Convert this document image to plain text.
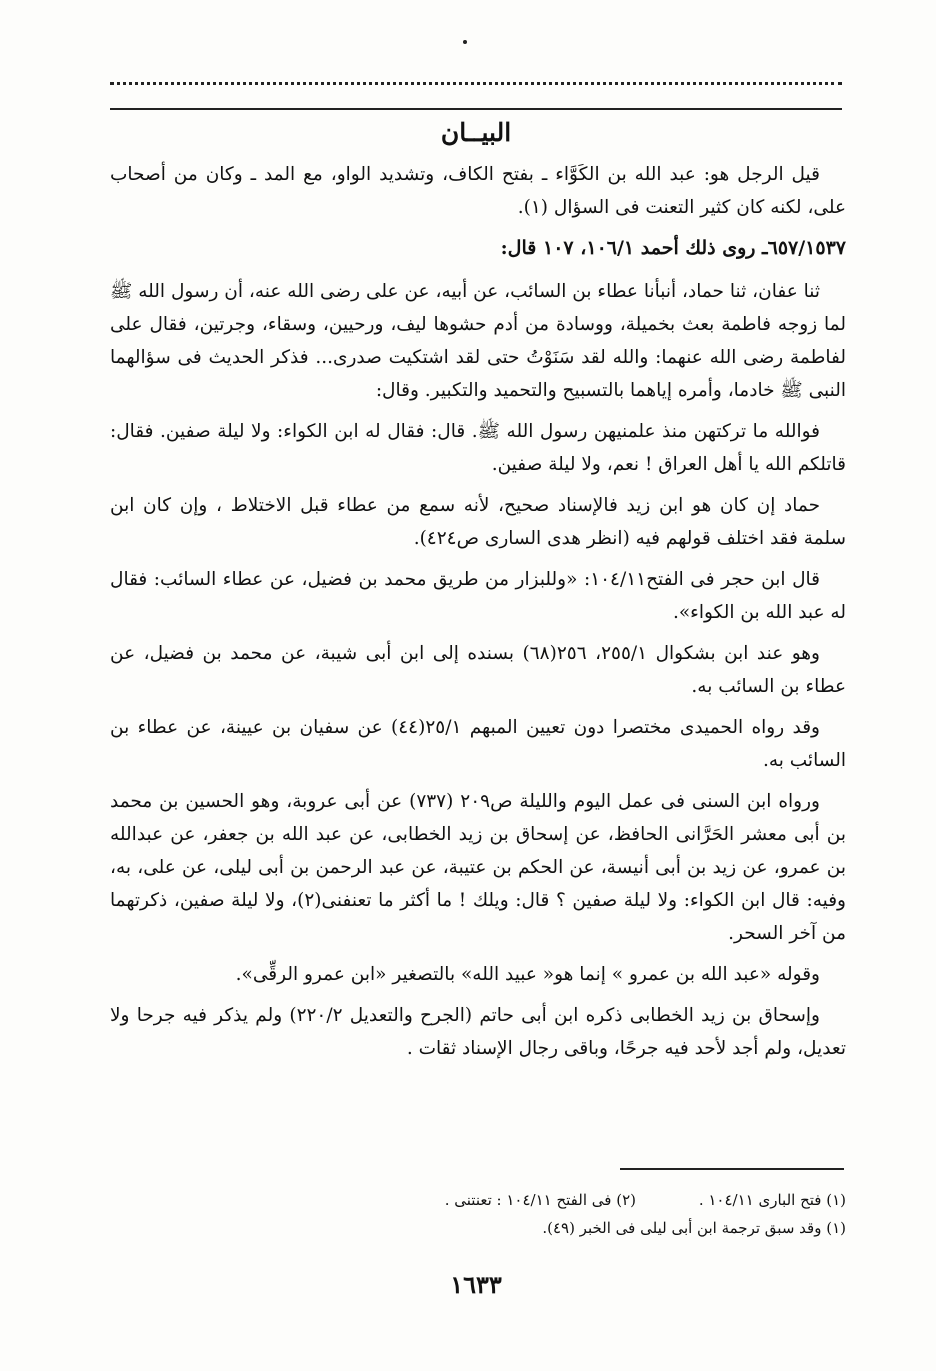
البيــان

قيل الرجل هو: عبد الله بن الكَوَّاء ـ بفتح الكاف، وتشديد الواو، مع المد ـ وكان من أصحاب على، لكنه كان كثير التعنت فى السؤال (١).

٦٥٧/١٥٣٧ـ روى ذلك أحمد ١٠٦/١، ١٠٧ قال:

ثنا عفان، ثنا حماد، أنبأنا عطاء بن السائب، عن أبيه، عن على رضى الله عنه، أن رسول الله ﷺ لما زوجه فاطمة بعث بخميلة، ووسادة من أدم حشوها ليف، ورحيين، وسقاء، وجرتين، فقال على لفاطمة رضى الله عنهما: والله لقد سَنَوْتُ حتى لقد اشتكيت صدرى... فذكر الحديث فى سؤالهما النبى ﷺ خادما، وأمره إياهما بالتسبيح والتحميد والتكبير. وقال:

فوالله ما تركتهن منذ علمنيهن رسول الله ﷺ. قال: فقال له ابن الكواء: ولا ليلة صفين. فقال: قاتلكم الله يا أهل العراق ! نعم، ولا ليلة صفين.

حماد إن كان هو ابن زيد فالإسناد صحيح، لأنه سمع من عطاء قبل الاختلاط ، وإن كان ابن سلمة فقد اختلف قولهم فيه (انظر هدى السارى ص٤٢٤).

قال ابن حجر فى الفتح١٠٤/١١: «وللبزار من طريق محمد بن فضيل، عن عطاء السائب: فقال له عبد الله بن الكواء».

وهو عند ابن بشكوال ٢٥٥/١، ٢٥٦(٦٨) بسنده إلى ابن أبى شيبة، عن محمد بن فضيل، عن عطاء بن السائب به.

وقد رواه الحميدى مختصرا دون تعيين المبهم ٢٥/١(٤٤) عن سفيان بن عيينة، عن عطاء بن السائب به.

ورواه ابن السنى فى عمل اليوم والليلة ص٢٠٩ (٧٣٧) عن أبى عروبة، وهو الحسين بن محمد بن أبى معشر الحَرَّانى الحافظ، عن إسحاق بن زيد الخطابى، عن عبد الله بن جعفر، عن عبدالله بن عمرو، عن زيد بن أبى أنيسة، عن الحكم بن عتيبة، عن عبد الرحمن بن أبى ليلى، عن على، به، وفيه: قال ابن الكواء: ولا ليلة صفين ؟ قال: ويلك ! ما أكثر ما تعنفنى(٢)، ولا ليلة صفين، ذكرتهما من آخر السحر.

وقوله «عبد الله بن عمرو » إنما هو« عبيد الله» بالتصغير «ابن عمرو الرقِّى».

وإسحاق بن زيد الخطابى ذكره ابن أبى حاتم (الجرح والتعديل ٢٢٠/٢) ولم يذكر فيه جرحا ولا تعديل، ولم أجد لأحد فيه جرحًا، وباقى رجال الإسناد ثقات .

(١) فتح البارى ١٠٤/١١ .
(٢) فى الفتح ١٠٤/١١ : تعنتنى .
(١) وقد سبق ترجمة ابن أبى ليلى فى الخبر (٤٩).
١٦٣٣
